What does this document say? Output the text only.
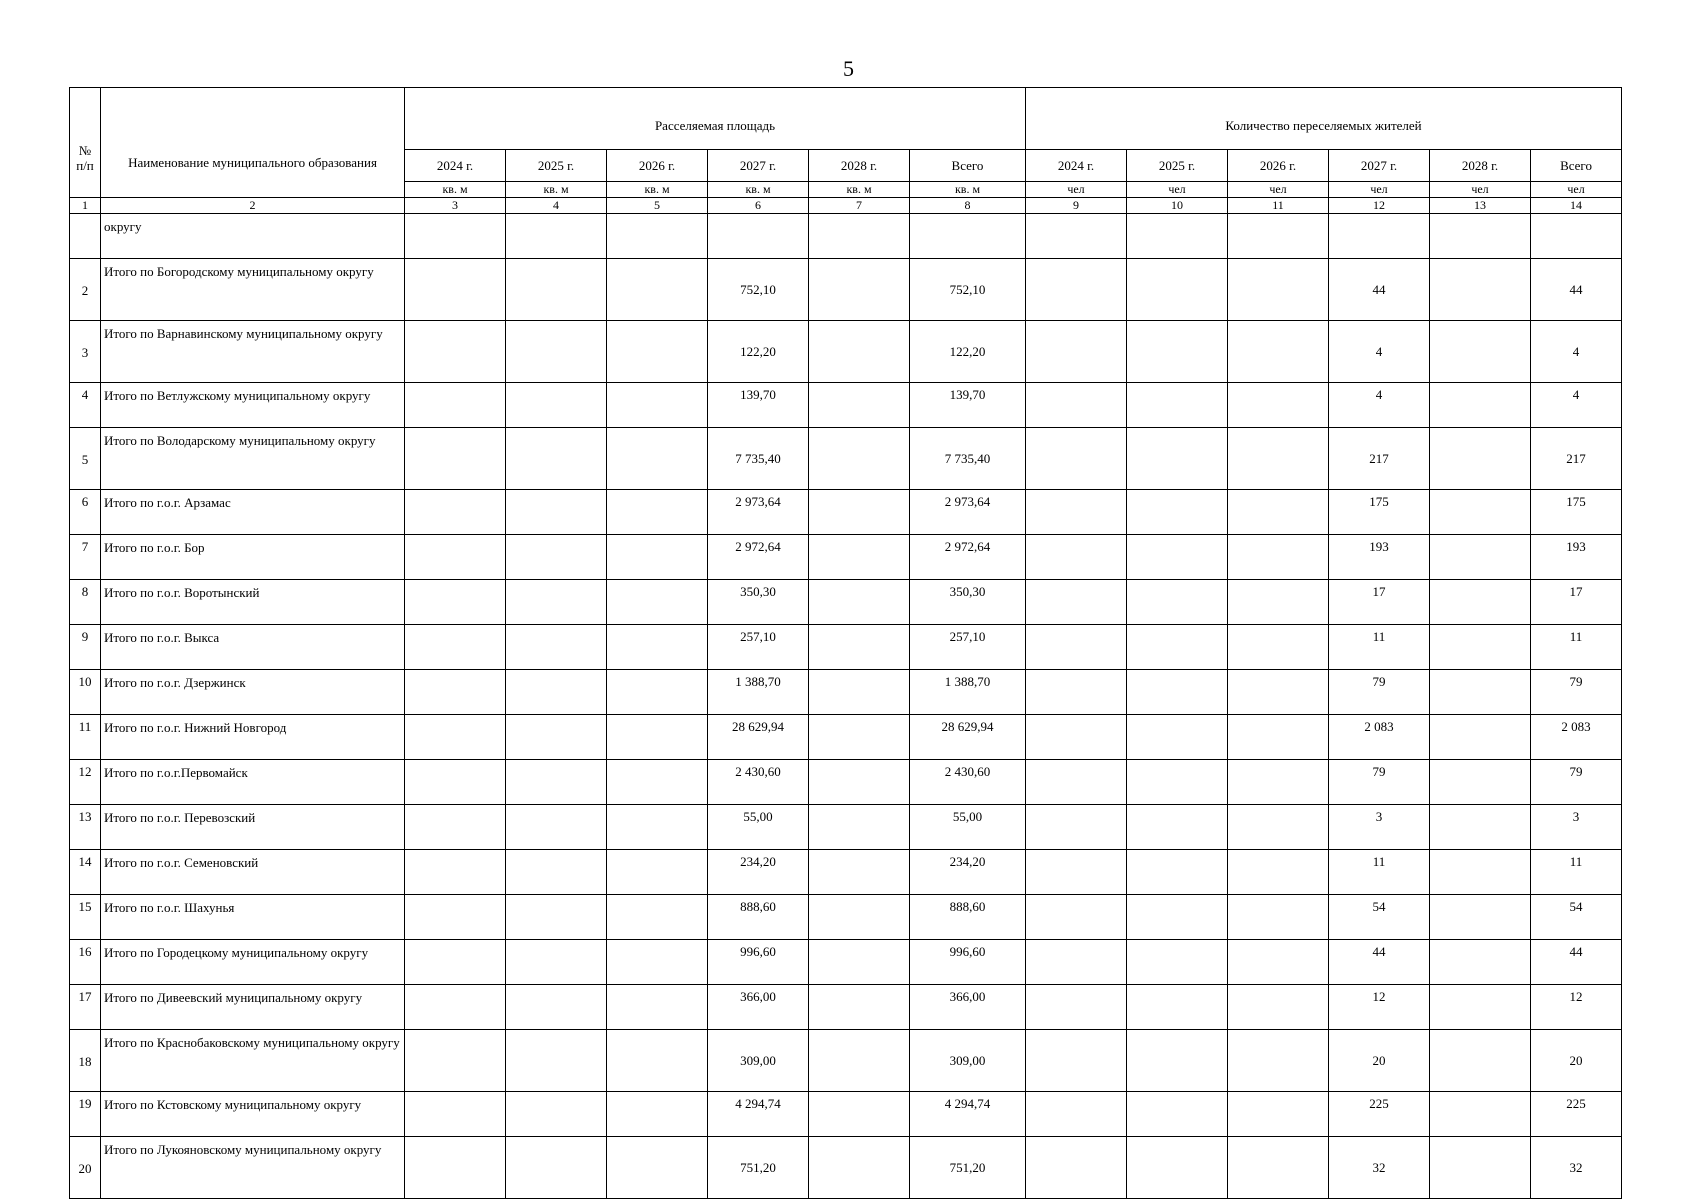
5
№
п/п	Наименование муниципального образования	Расселяемая площадь						Количество переселяемых жителей					
		2024 г.	2025 г.	2026 г.	2027 г.	2028 г.	Всего	2024 г.	2025 г.	2026 г.	2027 г.	2028 г.	Всего
		кв. м	кв. м	кв. м	кв. м	кв. м	кв. м	чел	чел	чел	чел	чел	чел
1	2	3	4	5	6	7	8	9	10	11	12	13	14
	округу												
2	Итого по Богородскому муниципальному округу				752,10		752,10				44		44
3	Итого по Варнавинскому муниципальному округу				122,20		122,20				4		4
4	Итого по Ветлужскому муниципальному округу				139,70		139,70				4		4
5	Итого по Володарскому муниципальному округу				7 735,40		7 735,40				217		217
6	Итого по г.о.г. Арзамас				2 973,64		2 973,64				175		175
7	Итого по г.о.г. Бор				2 972,64		2 972,64				193		193
8	Итого по г.о.г. Воротынский				350,30		350,30				17		17
9	Итого по г.о.г. Выкса				257,10		257,10				11		11
10	Итого по г.о.г. Дзержинск				1 388,70		1 388,70				79		79
11	Итого по г.о.г. Нижний Новгород				28 629,94		28 629,94				2 083		2 083
12	Итого по г.о.г.Первомайск				2 430,60		2 430,60				79		79
13	Итого по г.о.г. Перевозский				55,00		55,00				3		3
14	Итого по г.о.г. Семеновский				234,20		234,20				11		11
15	Итого по г.о.г. Шахунья				888,60		888,60				54		54
16	Итого по Городецкому муниципальному округу				996,60		996,60				44		44
17	Итого по Дивеевский муниципальному округу				366,00		366,00				12		12
18	Итого по Краснобаковскому муниципальному округу				309,00		309,00				20		20
19	Итого по Кстовскому муниципальному округу				4 294,74		4 294,74				225		225
20	Итого по Лукояновскому муниципальному округу				751,20		751,20				32		32
